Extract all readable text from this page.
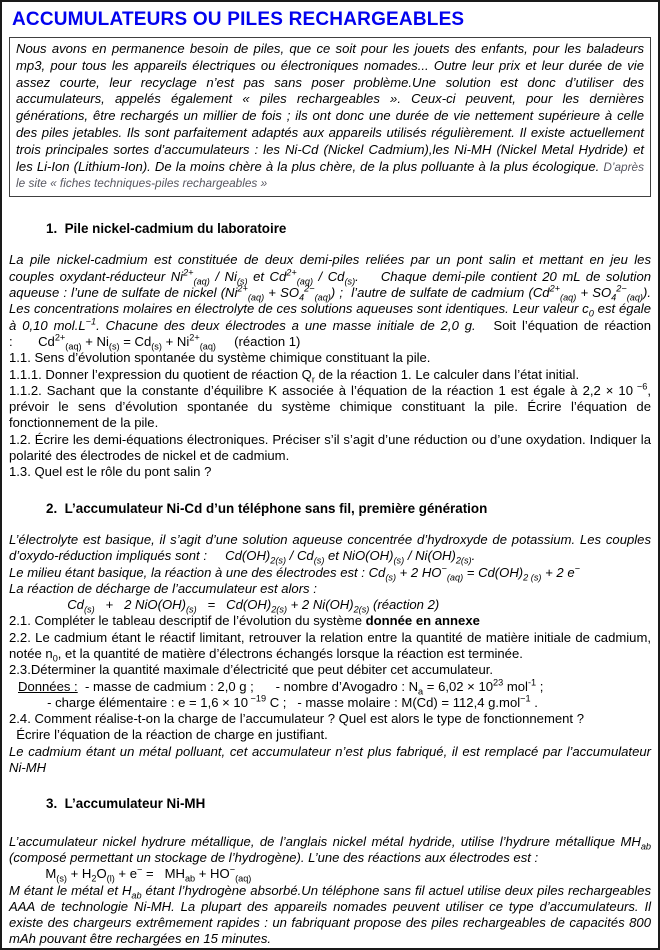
ACCUMULATEURS OU PILES RECHARGEABLES
Nous avons en permanence besoin de piles, que ce soit pour les jouets des enfants, pour les baladeurs mp3, pour tous les appareils électriques ou électroniques nomades... Outre leur prix et leur durée de vie assez courte, leur recyclage n’est pas sans poser problème.Une solution est donc d’utiliser des accumulateurs, appelés également « piles rechargeables ». Ceux-ci peuvent, pour les dernières générations, être rechargés un millier de fois ; ils ont donc une durée de vie nettement supérieure à celle des piles jetables. Ils sont parfaitement adaptés aux appareils utilisés régulièrement. Il existe actuellement trois principales sortes d’accumulateurs : les Ni-Cd (Nickel Cadmium),les Ni-MH (Nickel Metal Hydride) et les Li-Ion (Lithium-Ion). De la moins chère à la plus chère, de la plus polluante à la plus écologique. D’après le site « fiches techniques-piles rechargeables »
1.  Pile nickel-cadmium du laboratoire
La pile nickel-cadmium est constituée de deux demi-piles reliées par un pont salin et mettant en jeu les couples oxydant-réducteur $Ni^{2+}_{(aq)} / Ni_{(s)}$ et $Cd^{2+}_{(aq)} / Cd_{(s)}$.    Chaque demi-pile contient 20 mL de solution aqueuse : l’une de sulfate de nickel $(Ni^{2+}_{(aq)} + SO_4^{2-}_{(aq)})$ ;  l’autre de sulfate de cadmium $(Cd^{2+}_{(aq)} + SO_4^{2-}_{(aq)})$. Les concentrations molaires en électrolyte de ces solutions aqueuses sont identiques. Leur valeur $c_0$ est égale à 0,10 $mol.L^{-1}$. Chacune des deux électrodes a une masse initiale de 2,0 g.   Soit l’équation de réaction :       $Cd^{2+}_{(aq)} + Ni_{(s)} = Cd_{(s)} + Ni^{2+}_{(aq)}$     (réaction 1)
1.1. Sens d’évolution spontanée du système chimique constituant la pile.
1.1.1. Donner l’expression du quotient de réaction $Q_r$ de la réaction 1. Le calculer dans l’état initial.
1.1.2. Sachant que la constante d’équilibre K associée à l’équation de la réaction 1 est égale à 2,2 × 10 $^{-6}$, prévoir le sens d’évolution spontanée du système chimique constituant la pile. Écrire l’équation de fonctionnement de la pile.
1.2. Écrire les demi-équations électroniques. Préciser s’il s’agit d’une réduction ou d’une oxydation. Indiquer la polarité des électrodes de nickel et de cadmium.
1.3. Quel est le rôle du pont salin ?
2.  L’accumulateur Ni-Cd d’un téléphone sans fil, première génération
L’électrolyte est basique, il s’agit d’une solution aqueuse concentrée d’hydroxyde de potassium. Les couples d’oxydo-réduction impliqués sont :     $Cd(OH)_{2(s)} / Cd_{(s)}$ et $NiO(OH)_{(s)} / Ni(OH)_{2(s)}$.
Le milieu étant basique, la réaction à une des électrodes est : $Cd_{(s)} + 2$ $HO^-_{(aq)} = Cd(OH)_{2 (s)} + 2$ e−
La réaction de décharge de l’accumulateur est alors :
$Cd_{(s)} + 2$ $NiO(OH)_{(s)} = Cd(OH)_{2(s)} + 2$ $Ni(OH)_{2(s)}$ (réaction 2)
2.1. Compléter le tableau descriptif de l’évolution du système donnée en annexe
2.2. Le cadmium étant le réactif limitant, retrouver la relation entre la quantité de matière initiale de cadmium, notée $n_0$, et la quantité de matière d’électrons échangés lorsque la réaction est terminée.
2.3.Déterminer la quantité maximale d’électricité que peut débiter cet accumulateur.
Données :  - masse de cadmium : 2,0 g ;      - nombre d’Avogadro : $N_a = 6,02 \times 10^{23}$ mol$^{-1}$ ;
- charge élémentaire : e = 1,6 × 10 $^{-19}$ C ;   - masse molaire : M(Cd) = 112,4 g.mol$^{-1}$ .
2.4. Comment réalise-t-on la charge de l’accumulateur ? Quel est alors le type de fonctionnement ?
Écrire l’équation de la réaction de charge en justifiant.
Le cadmium étant un métal polluant, cet accumulateur n’est plus fabriqué, il est remplacé par l’accumulateur Ni-MH
3.  L’accumulateur Ni-MH
L’accumulateur nickel hydrure métallique, de l’anglais nickel métal hydride, utilise l’hydrure métallique $MH_{ab}$ (composé permettant un stockage de l’hydrogène). L’une des réactions aux électrodes est :
$M_{(s)} + H_2O_{(l)} + e^- = MH_{ab} + HO^-_{(aq)}$
M étant le métal et $H_{ab}$ étant l’hydrogène absorbé.Un téléphone sans fil actuel utilise deux piles rechargeables AAA de technologie Ni-MH. La plupart des appareils nomades peuvent utiliser ce type d’accumulateurs. Il existe des chargeurs extrêmement rapides : un fabriquant propose des piles rechargeables de capacités 800 mAh pouvant être rechargées en 15 minutes.
